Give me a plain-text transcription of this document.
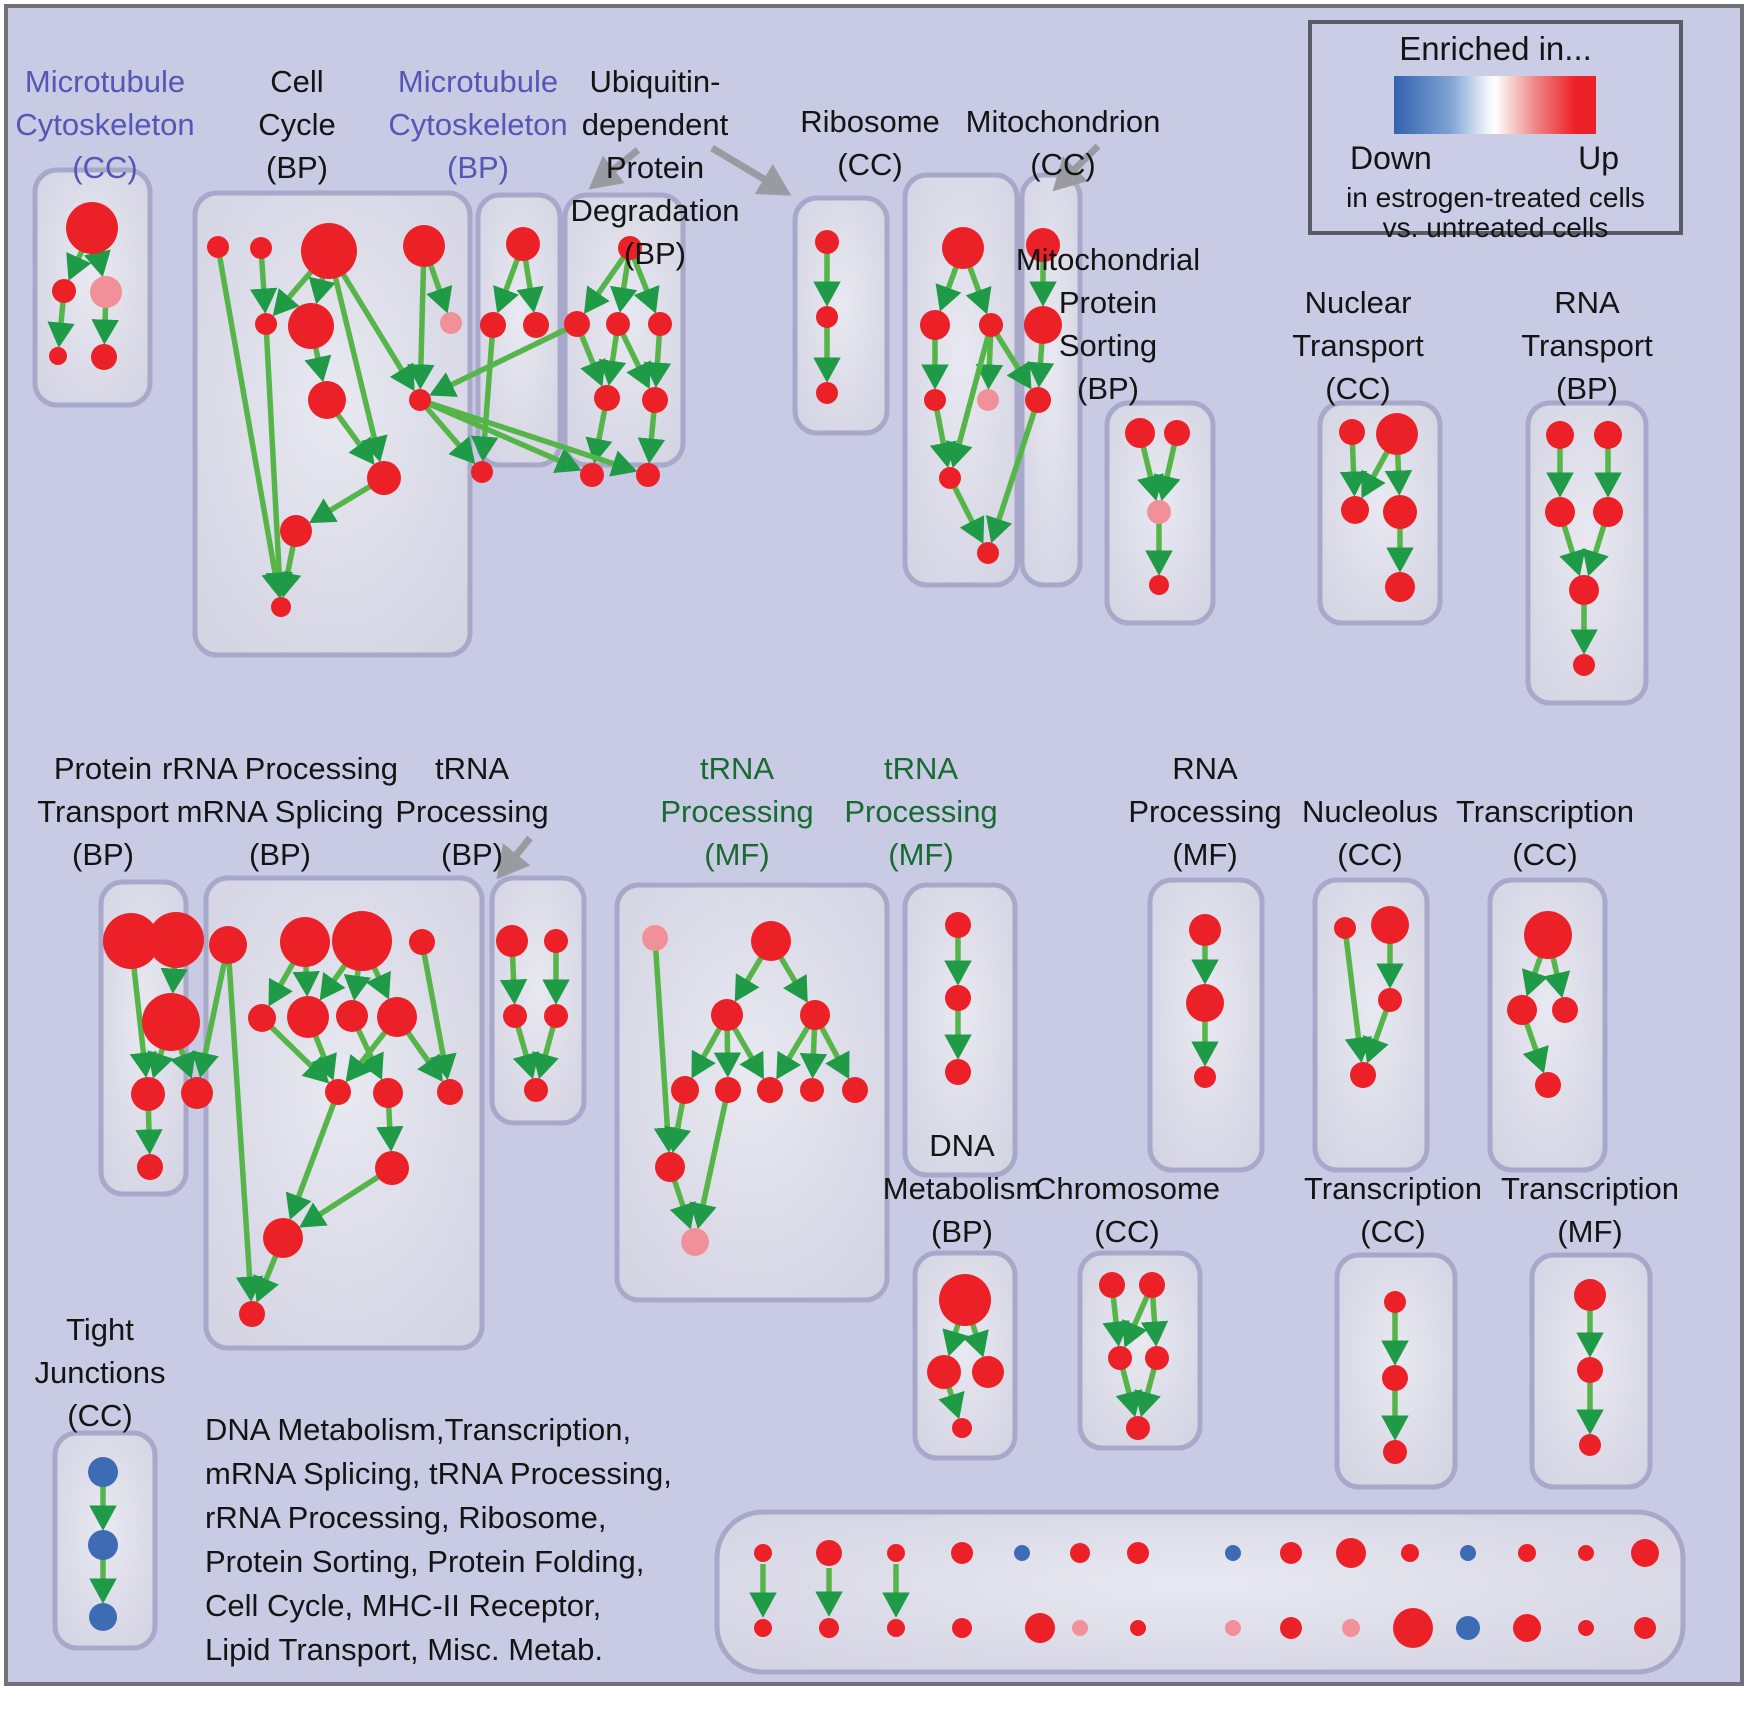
Microtubule
Cytoskeleton
(CC)
Cell
Cycle
(BP)
Microtubule
Cytoskeleton
(BP)
Ubiquitin-
dependent
Protein
Degradation
(BP)
Ribosome
(CC)
Mitochondrion
(CC)
Mitochondrial
Protein
Sorting
(BP)
Nuclear
Transport
(CC)
RNA
Transport
(BP)
Protein
Transport
(BP)
rRNA Processing
mRNA Splicing
(BP)
tRNA
Processing
(BP)
tRNA
Processing
(MF)
tRNA
Processing
(MF)
RNA
Processing
(MF)
Nucleolus
(CC)
Transcription
(CC)
DNA
Metabolism
(BP)
Chromosome
(CC)
Transcription
(CC)
Transcription
(MF)
Tight
Junctions
(CC)	DNA Metabolism,Transcription,
mRNA Splicing, tRNA Processing,
rRNA Processing, Ribosome,
Protein Sorting, Protein Folding,
Cell Cycle, MHC-II Receptor,
Lipid Transport, Misc. Metab.
Enriched in...
Down	Up
in estrogen-treated cells
vs. untreated cells
